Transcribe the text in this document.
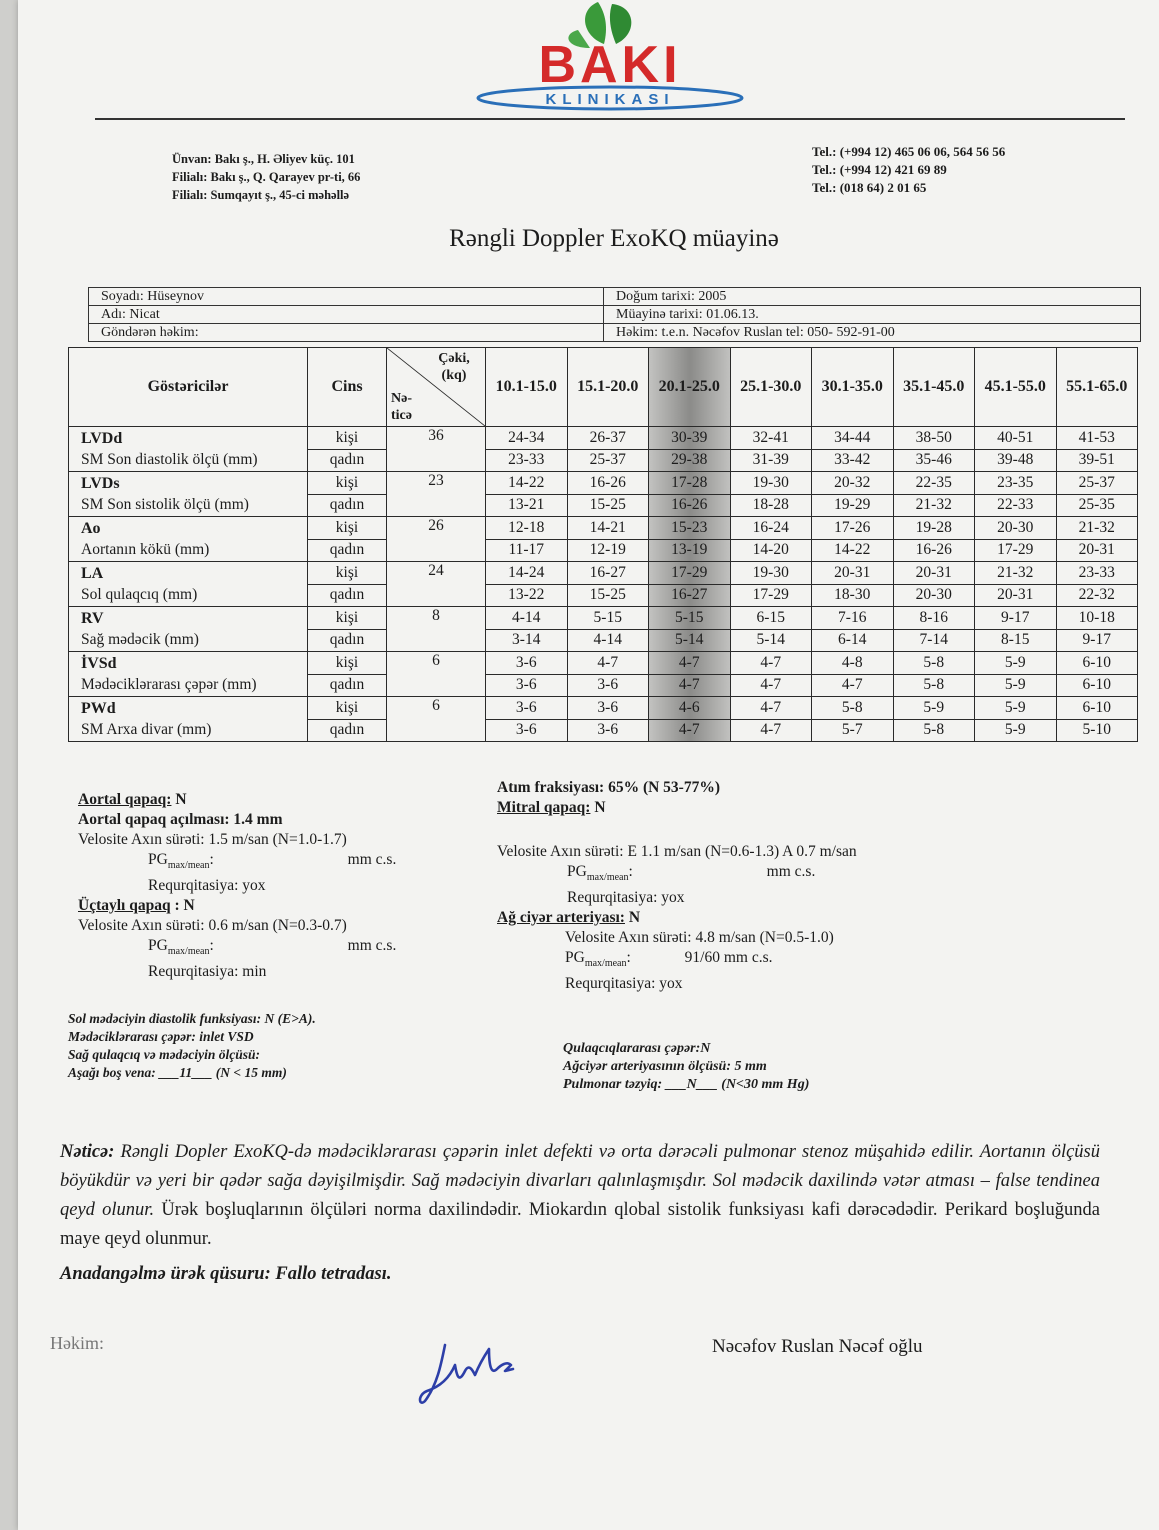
BAKI
KLINIKASI
Ünvan: Bakı ş., H. Əliyev küç. 101
Filialı: Bakı ş., Q. Qarayev pr-ti, 66
Filialı: Sumqayıt ş., 45-ci məhəllə
Tel.: (+994 12) 465 06 06, 564 56 56
Tel.: (+994 12) 421 69 89
Tel.: (018 64) 2 01 65
Rəngli Doppler ExoKQ müayinə
Soyadı: Hüseynov	Doğum tarixi: 2005
Adı: Nicat	Müayinə tarixi: 01.06.13.
Göndərən həkim:	Həkim: t.e.n. Nəcəfov Ruslan tel: 050- 592-91-00
Göstəricilər	Cins	Çəki, (kq)
Nə-ticə	10.1-15.0	15.1-20.0	20.1-25.0	25.1-30.0	30.1-35.0	35.1-45.0	45.1-55.0	55.1-65.0
LVDd
SM Son diastolik ölçü (mm)	kişi	36	24-34	26-37	30-39	32-41	34-44	38-50	40-51	41-53
	qadın		23-33	25-37	29-38	31-39	33-42	35-46	39-48	39-51
LVDs
SM Son sistolik ölçü (mm)	kişi	23	14-22	16-26	17-28	19-30	20-32	22-35	23-35	25-37
	qadın		13-21	15-25	16-26	18-28	19-29	21-32	22-33	25-35
Ao
Aortanın kökü (mm)	kişi	26	12-18	14-21	15-23	16-24	17-26	19-28	20-30	21-32
	qadın		11-17	12-19	13-19	14-20	14-22	16-26	17-29	20-31
LA
Sol qulaqcıq (mm)	kişi	24	14-24	16-27	17-29	19-30	20-31	20-31	21-32	23-33
	qadın		13-22	15-25	16-27	17-29	18-30	20-30	20-31	22-32
RV
Sağ mədəcik (mm)	kişi	8	4-14	5-15	5-15	6-15	7-16	8-16	9-17	10-18
	qadın		3-14	4-14	5-14	5-14	6-14	7-14	8-15	9-17
İVSd
Mədəciklərarası çəpər (mm)	kişi	6	3-6	4-7	4-7	4-7	4-8	5-8	5-9	6-10
	qadın		3-6	3-6	4-7	4-7	4-7	5-8	5-9	6-10
PWd
SM Arxa divar (mm)	kişi	6	3-6	3-6	4-6	4-7	5-8	5-9	5-9	6-10
	qadın		3-6	3-6	4-7	4-7	5-7	5-8	5-9	5-10
Aortal qapaq: N
Aortal qapaq açılması: 1.4 mm
Velosite Axın sürəti: 1.5 m/san (N=1.0-1.7)
$PG_{max/mean}$:	mm c.s.
Requrqitasiya: yox
Üçtaylı qapaq : N
Velosite Axın sürəti: 0.6 m/san (N=0.3-0.7)
$PG_{max/mean}$:	mm c.s.
Requrqitasiya: min
Sol mədəciyin diastolik funksiyası: N (E>A).
Mədəciklərarası çəpər: inlet VSD
Sağ qulaqcıq və mədəciyin ölçüsü:
Aşağı boş vena: ___11___ (N < 15 mm)
Atım fraksiyası: 65% (N 53-77%)
Mitral qapaq: N
Velosite Axın sürəti: E 1.1 m/san (N=0.6-1.3) A 0.7 m/san
$PG_{max/mean}$:	mm c.s.
Requrqitasiya: yox
Ağ ciyər arteriyası: N
Velosite Axın sürəti: 4.8 m/san (N=0.5-1.0)
$PG_{max/mean}$:	91/60 mm c.s.
Requrqitasiya: yox
Qulaqcıqlararası çəpər:N
Ağciyər arteriyasının ölçüsü: 5 mm
Pulmonar təzyiq: ___N___ (N<30 mm Hg)
Nəticə: Rəngli Dopler ExoKQ-də mədəciklərarası çəpərin inlet defekti və orta dərəcəli pulmonar stenoz müşahidə edilir. Aortanın ölçüsü böyükdür və yeri bir qədər sağa dəyişilmişdir. Sağ mədəciyin divarları qalınlaşmışdır. Sol mədəcik daxilində vətər atması – false tendinea qeyd olunur. Ürək boşluqlarının ölçüləri norma daxilindədir. Miokardın qlobal sistolik funksiyası kafi dərəcədədir. Perikard boşluğunda maye qeyd olunmur.
Anadangəlmə ürək qüsuru: Fallo tetradası.
Həkim:	Nəcəfov Ruslan Nəcəf oğlu
